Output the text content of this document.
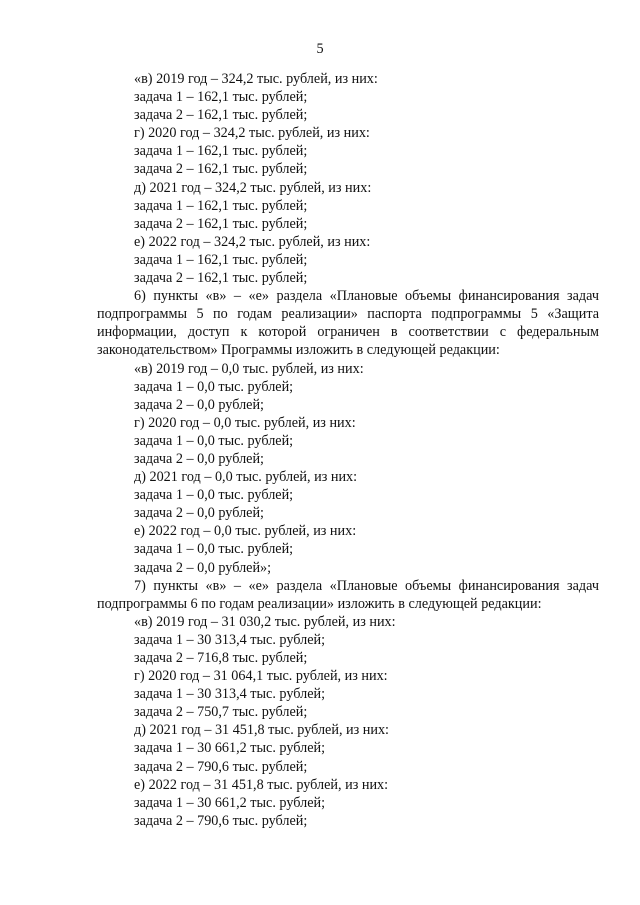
5
«в) 2019 год – 324,2 тыс. рублей, из них:
задача 1 – 162,1 тыс. рублей;
задача 2 – 162,1 тыс. рублей;
г) 2020 год – 324,2 тыс. рублей, из них:
задача 1 – 162,1 тыс. рублей;
задача 2 – 162,1 тыс. рублей;
д) 2021 год – 324,2 тыс. рублей, из них:
задача 1 – 162,1 тыс. рублей;
задача 2 – 162,1 тыс. рублей;
е) 2022 год – 324,2 тыс. рублей, из них:
задача 1 – 162,1 тыс. рублей;
задача 2 – 162,1 тыс. рублей;
6) пункты «в» – «е» раздела «Плановые объемы финансирования задач
подпрограммы 5 по годам реализации» паспорта подпрограммы 5 «Защита
информации, доступ к которой ограничен в соответствии с федеральным
законодательством» Программы изложить в следующей редакции:
«в) 2019 год – 0,0 тыс. рублей, из них:
задача 1 – 0,0 тыс. рублей;
задача 2 – 0,0 рублей;
г) 2020 год – 0,0 тыс. рублей, из них:
задача 1 – 0,0 тыс. рублей;
задача 2 – 0,0 рублей;
д) 2021 год – 0,0 тыс. рублей, из них:
задача 1 – 0,0 тыс. рублей;
задача 2 – 0,0 рублей;
е) 2022 год – 0,0 тыс. рублей, из них:
задача 1 – 0,0 тыс. рублей;
задача 2 – 0,0 рублей»;
7) пункты «в» – «е» раздела «Плановые объемы финансирования задач
подпрограммы 6 по годам реализации» изложить в следующей редакции:
«в) 2019 год – 31 030,2 тыс. рублей, из них:
задача 1 – 30 313,4 тыс. рублей;
задача 2 – 716,8 тыс. рублей;
г) 2020 год – 31 064,1 тыс. рублей, из них:
задача 1 – 30 313,4 тыс. рублей;
задача 2 – 750,7 тыс. рублей;
д) 2021 год – 31 451,8 тыс. рублей, из них:
задача 1 – 30 661,2 тыс. рублей;
задача 2 – 790,6 тыс. рублей;
е) 2022 год – 31 451,8 тыс. рублей, из них:
задача 1 – 30 661,2 тыс. рублей;
задача 2 – 790,6 тыс. рублей;
